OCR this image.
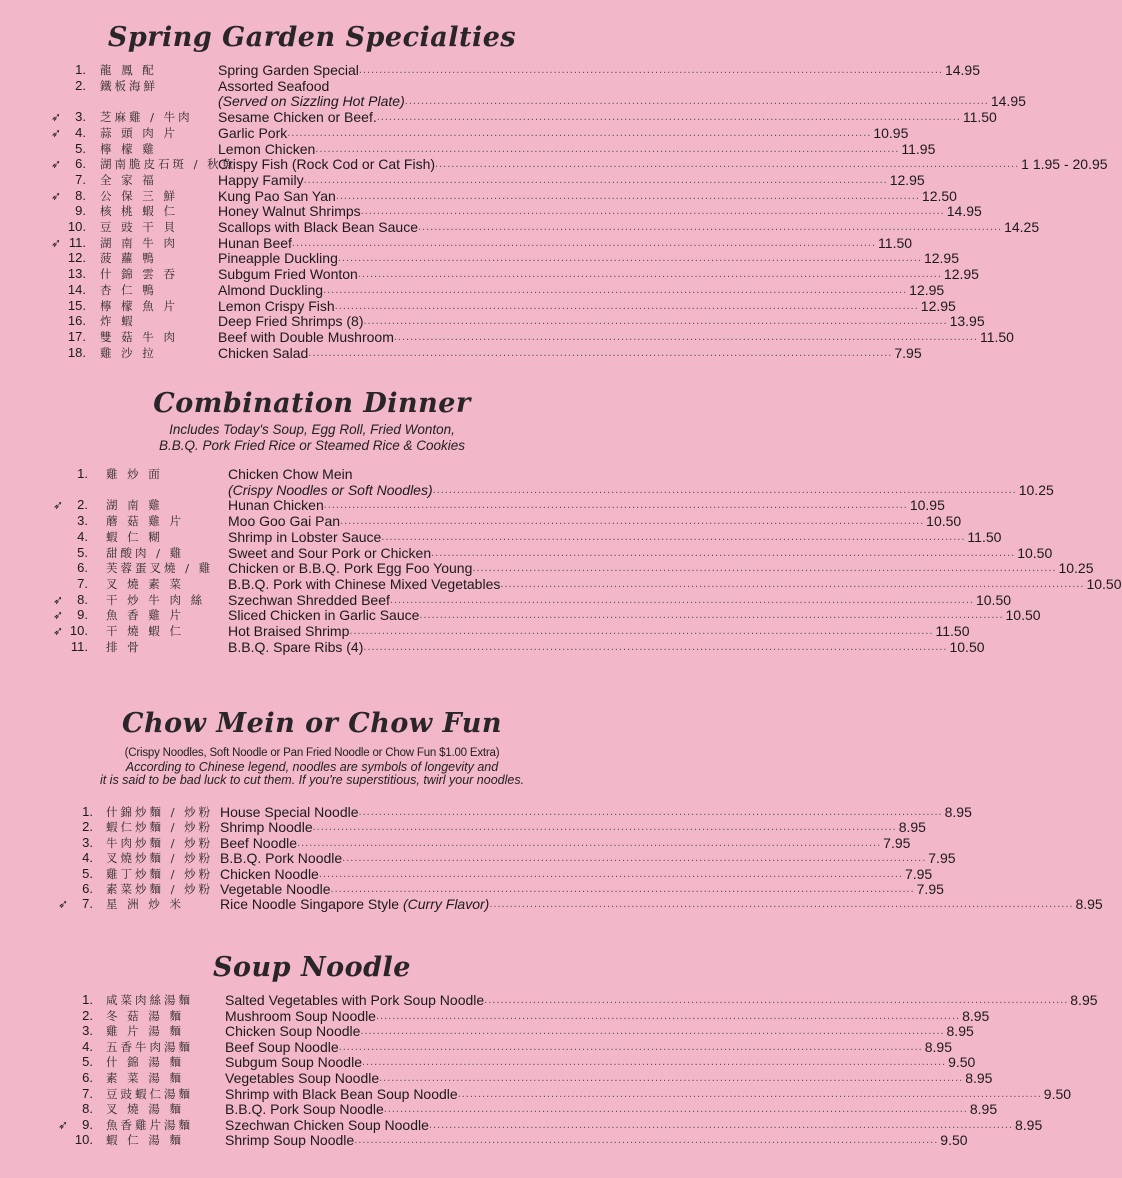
Spring Garden Specialties
1. 龍 鳳 配	Spring Garden Special .....	14.95
2. 鐵板海鮮	Assorted Seafood
(Served on Sizzling Hot Plate) .....	14.95
➶	3. 芝麻雞 / 牛肉	Sesame Chicken or Beef. .....	11.50
➶	4. 蒜 頭 肉 片	Garlic Pork .....	10.95
5. 檸 檬 雞	Lemon Chicken .....	11.95
➶	6. 湖南脆皮石斑 / 秋魚
Crispy Fish (Rock Cod or Cat Fish) .....	1 1.95 - 20.95
7. 全 家 福	Happy Family .....	12.95
➶	8. 公 保 三 鮮	Kung Pao San Yan .....	12.50
9. 核 桃 蝦 仁	Honey Walnut Shrimps .....	14.95
10. 豆 豉 干 貝	Scallops with Black Bean Sauce .....	14.25
➶ 11. 湖 南 牛 肉	Hunan Beef .....	11.50
12. 菠 蘿 鴨	Pineapple Duckling .....	12.95
13. 什 錦 雲 吞	Subgum Fried Wonton .....	12.95
14. 杏 仁 鴨	Almond Duckling .....	12.95
15. 檸 檬 魚 片	Lemon Crispy Fish .....	12.95
16. 炸 蝦	Deep Fried Shrimps (8) .....	13.95
17. 雙 菇 牛 肉	Beef with Double Mushroom .....	11.50
18. 雞 沙 拉	Chicken Salad .....	7.95
Combination Dinner
Includes Today's Soup, Egg Roll, Fried Wonton,
B.B.Q. Pork Fried Rice or Steamed Rice & Cookies
1. 雞 炒 面	Chicken Chow Mein
(Crispy Noodles or Soft Noodles) .....	10.25
➶	2. 湖 南 雞	Hunan Chicken .....	10.95
3. 蘑 菇 雞 片	Moo Goo Gai Pan .....	10.50
4. 蝦 仁 糊	Shrimp in Lobster Sauce .....	11.50
5. 甜酸肉 / 雞	Sweet and Sour Pork or Chicken .....	10.50
6. 芙蓉蛋叉燒 / 雞	Chicken or B.B.Q. Pork Egg Foo Young .....	10.25
7. 叉 燒 素 菜	B.B.Q. Pork with Chinese Mixed Vegetables .....	10.50
➶	8. 干 炒 牛 肉 絲	Szechwan Shredded Beef .....	10.50
➶	9. 魚 香 雞 片	Sliced Chicken in Garlic Sauce .....	10.50
➶ 10. 干 燒 蝦 仁	Hot Braised Shrimp .....	11.50
11. 排 骨	B.B.Q. Spare Ribs (4) .....	10.50
Chow Mein or Chow Fun
(Crispy Noodles, Soft Noodle or Pan Fried Noodle or Chow Fun $1.00 Extra)
According to Chinese legend, noodles are symbols of longevity and
it is said to be bad luck to cut them. If you're superstitious, twirl your noodles.
1. 什錦炒麵 / 炒粉 House Special Noodle .....	8.95
2. 蝦仁炒麵 / 炒粉 Shrimp Noodle .....	8.95
3. 牛肉炒麵 / 炒粉 Beef Noodle .....	7.95
4. 叉燒炒麵 / 炒粉 B.B.Q. Pork Noodle .....	7.95
5. 雞丁炒麵 / 炒粉 Chicken Noodle .....	7.95
6. 素菜炒麵 / 炒粉 Vegetable Noodle .....	7.95
➶	7. 星 洲 炒 米	Rice Noodle Singapore Style (Curry Flavor) .....	8.95
Soup Noodle
1. 咸菜肉絲湯麵	Salted Vegetables with Pork Soup Noodle .....	8.95
2. 冬 菇 湯 麵	Mushroom Soup Noodle .....	8.95
3. 雞 片 湯 麵	Chicken Soup Noodle .....	8.95
4. 五香牛肉湯麵	Beef Soup Noodle .....	8.95
5. 什 錦 湯 麵	Subgum Soup Noodle .....	9.50
6. 素 菜 湯 麵	Vegetables Soup Noodle .....	8.95
7. 豆豉蝦仁湯麵	Shrimp with Black Bean Soup Noodle .....	9.50
8. 叉 燒 湯 麵	B.B.Q. Pork Soup Noodle .....	8.95
➶	9. 魚香雞片湯麵	Szechwan Chicken Soup Noodle .....	8.95
10. 蝦 仁 湯 麵	Shrimp Soup Noodle .....	9.50
